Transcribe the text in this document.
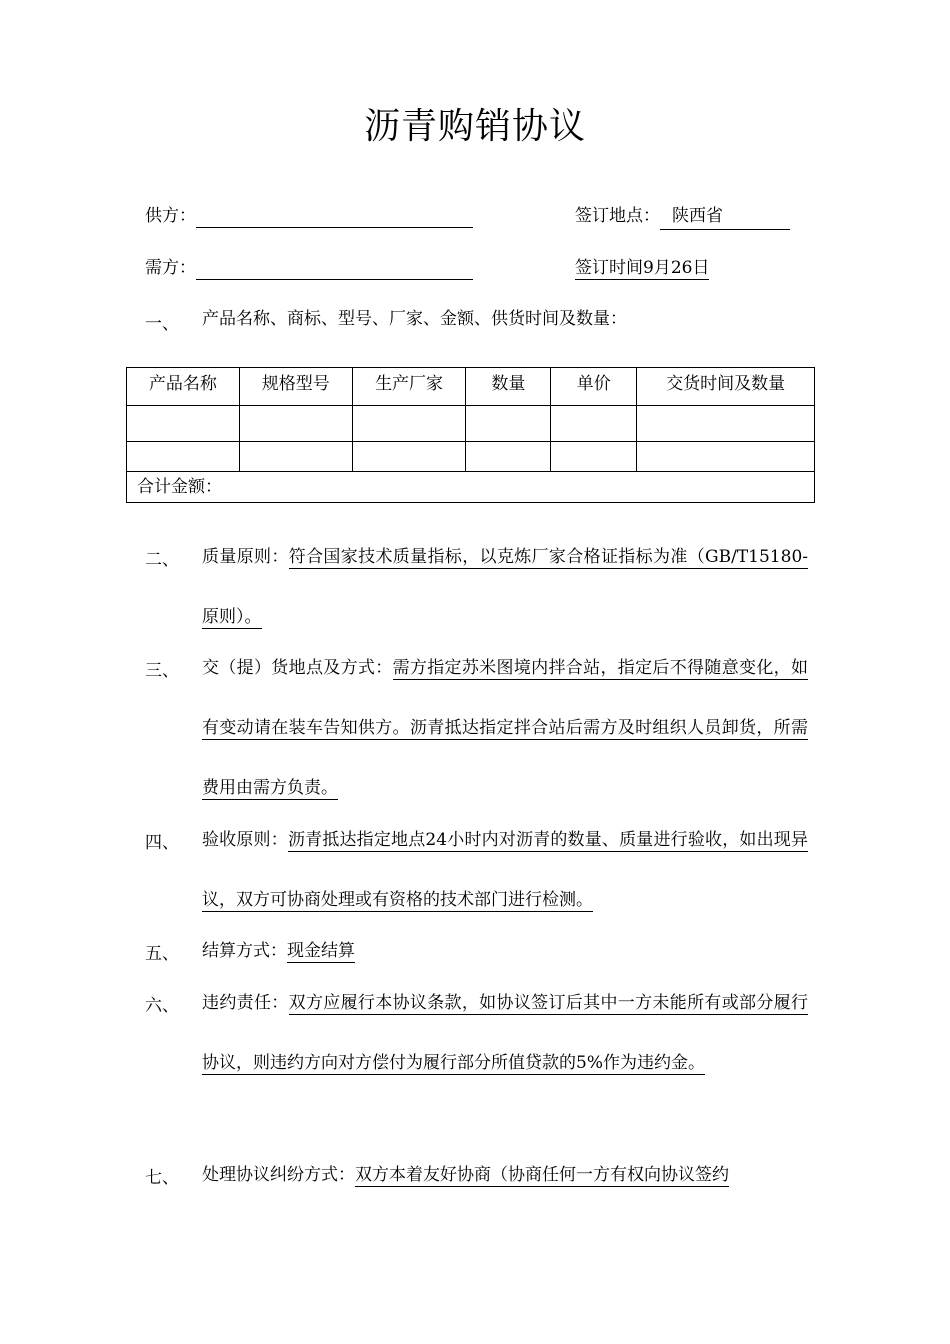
沥青购销协议
供方：	签订地点： 陕西省
需方：	签订时间9月26日
一、 产品名称、商标、型号、厂家、金额、供货时间及数量：
产品名称	规格型号	生产厂家	数量	单价	交货时间及数量

合计金额：					
二、 质量原则：符合国家技术质量指标，以克炼厂家合格证指标为准（GB/T15180-原则）。
三、 交（提）货地点及方式：需方指定苏米图境内拌合站，指定后不得随意变化，如有变动请在装车告知供方。沥青抵达指定拌合站后需方及时组织人员卸货，所需费用由需方负责。
四、 验收原则：沥青抵达指定地点24小时内对沥青的数量、质量进行验收，如出现异议，双方可协商处理或有资格的技术部门进行检测。
五、 结算方式：现金结算
六、 违约责任：双方应履行本协议条款，如协议签订后其中一方未能所有或部分履行协议，则违约方向对方偿付为履行部分所值贷款的5%作为违约金。
七、 处理协议纠纷方式：双方本着友好协商（协商任何一方有权向协议签约
